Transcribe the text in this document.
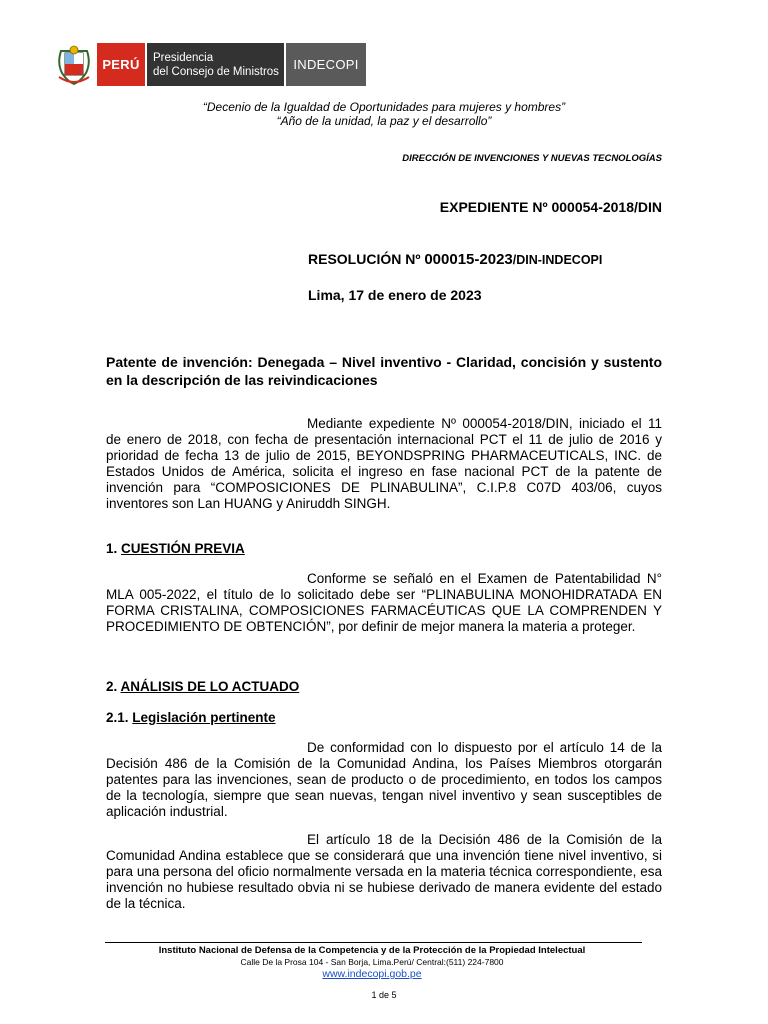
PERÚ	Presidencia
del Consejo de Ministros	INDECOPI
“Decenio de la Igualdad de Oportunidades para mujeres y hombres”
“Año de la unidad, la paz y el desarrollo”
DIRECCIÓN DE INVENCIONES Y NUEVAS TECNOLOGÍAS
EXPEDIENTE Nº 000054-2018/DIN
RESOLUCIÓN Nº 000015-2023/DIN-INDECOPI
Lima, 17 de enero de 2023
Patente de invención: Denegada – Nivel inventivo - Claridad, concisión y sustento en la descripción de las reivindicaciones
Mediante expediente Nº 000054-2018/DIN, iniciado el 11 de enero de 2018, con fecha de presentación internacional PCT el 11 de julio de 2016 y prioridad de fecha 13 de julio de 2015, BEYONDSPRING PHARMACEUTICALS, INC. de Estados Unidos de América, solicita el ingreso en fase nacional PCT de la patente de invención para “COMPOSICIONES DE PLINABULINA”, C.I.P.8 C07D 403/06, cuyos inventores son Lan HUANG y Aniruddh SINGH.
1. CUESTIÓN PREVIA
Conforme se señaló en el Examen de Patentabilidad N° MLA 005-2022, el título de lo solicitado debe ser “PLINABULINA MONOHIDRATADA EN FORMA CRISTALINA, COMPOSICIONES FARMACÉUTICAS QUE LA COMPRENDEN Y PROCEDIMIENTO DE OBTENCIÓN”, por definir de mejor manera la materia a proteger.
2. ANÁLISIS DE LO ACTUADO
2.1. Legislación pertinente
De conformidad con lo dispuesto por el artículo 14 de la Decisión 486 de la Comisión de la Comunidad Andina, los Países Miembros otorgarán patentes para las invenciones, sean de producto o de procedimiento, en todos los campos de la tecnología, siempre que sean nuevas, tengan nivel inventivo y sean susceptibles de aplicación industrial.
El artículo 18 de la Decisión 486 de la Comisión de la Comunidad Andina establece que se considerará que una invención tiene nivel inventivo, si para una persona del oficio normalmente versada en la materia técnica correspondiente, esa invención no hubiese resultado obvia ni se hubiese derivado de manera evidente del estado de la técnica.
Instituto Nacional de Defensa de la Competencia y de la Protección de la Propiedad Intelectual
Calle De la Prosa 104 - San Borja, Lima.Perú/ Central:(511) 224-7800
www.indecopi.gob.pe
1 de 5
